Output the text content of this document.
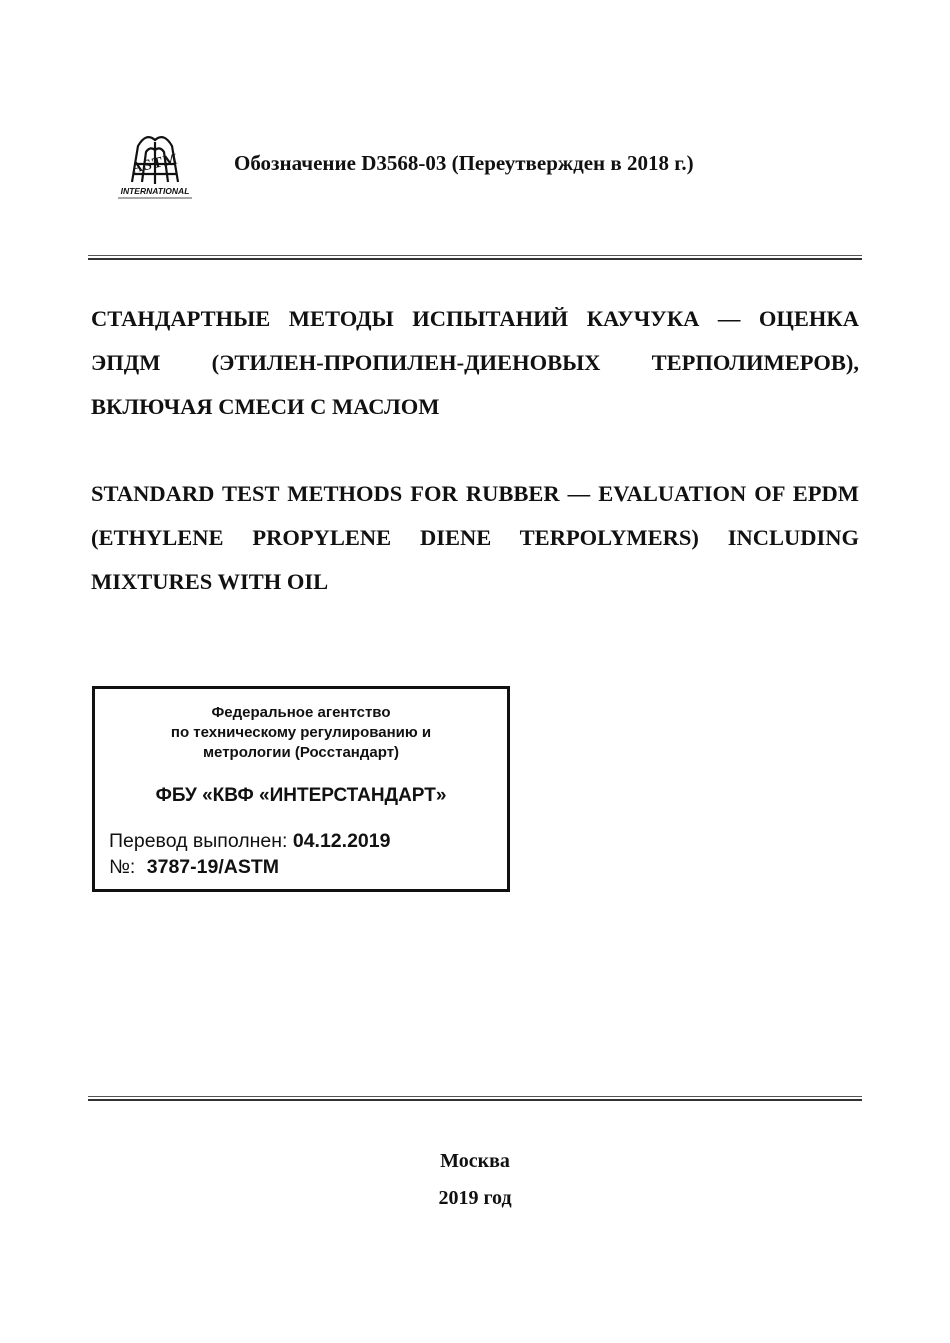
ASTM
INTERNATIONAL
Обозначение D3568-03 (Переутвержден в 2018 г.)
СТАНДАРТНЫЕ МЕТОДЫ ИСПЫТАНИЙ КАУЧУКА — ОЦЕНКА ЭПДМ (ЭТИЛЕН-ПРОПИЛЕН-ДИЕНОВЫХ ТЕРПОЛИМЕРОВ), ВКЛЮЧАЯ СМЕСИ С МАСЛОМ
STANDARD TEST METHODS FOR RUBBER — EVALUATION OF EPDM (ETHYLENE PROPYLENE DIENE TERPOLYMERS) INCLUDING MIXTURES WITH OIL
Федеральное агентство
по техническому регулированию и
метрологии (Росстандарт)
ФБУ «КВФ «ИНТЕРСТАНДАРТ»
Перевод выполнен: 04.12.2019
№: 3787-19/ASTM
Москва
2019 год
